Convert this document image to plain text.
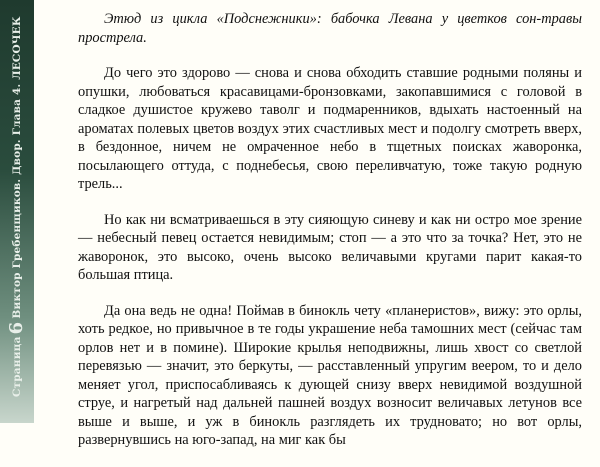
Страница6Виктор Гребенщиков. Двор. Глава 4. ЛЕСОЧЕК	Этюд из цикла «Подснежники»: бабочка Левана у цветков сон-травы прострела.

До чего это здорово — снова и снова обходить ставшие родными поляны и опушки, любоваться красавицами-бронзовками, закопавшимися с головой в сладкое душистое кружево таволг и подмаренников, вдыхать настоенный на ароматах полевых цветов воздух этих счастливых мест и подолгу смотреть вверх, в бездонное, ничем не омраченное небо в тщетных поисках жаворонка, посылающего оттуда, с поднебесья, свою переливчатую, тоже такую родную трель...

Но как ни всматриваешься в эту сияющую синеву и как ни остро мое зрение — небесный певец остается невидимым; стоп — а это что за точка? Нет, это не жаворонок, это высоко, очень высоко величавыми кругами парит какая-то большая птица.

Да она ведь не одна! Поймав в бинокль чету «планеристов», вижу: это орлы, хоть редкое, но привычное в те годы украшение неба тамошних мест (сейчас там орлов нет и в помине). Широкие крылья неподвижны, лишь хвост со светлой перевязью — значит, это беркуты, — расставленный упругим веером, то и дело меняет угол, приспосабливаясь к дующей снизу вверх невидимой воздушной струе, и нагретый над дальней пашней воздух возносит величавых летунов все выше и выше, и уж в бинокль разглядеть их трудновато; но вот орлы, развернувшись на юго-запад, на миг как бы
